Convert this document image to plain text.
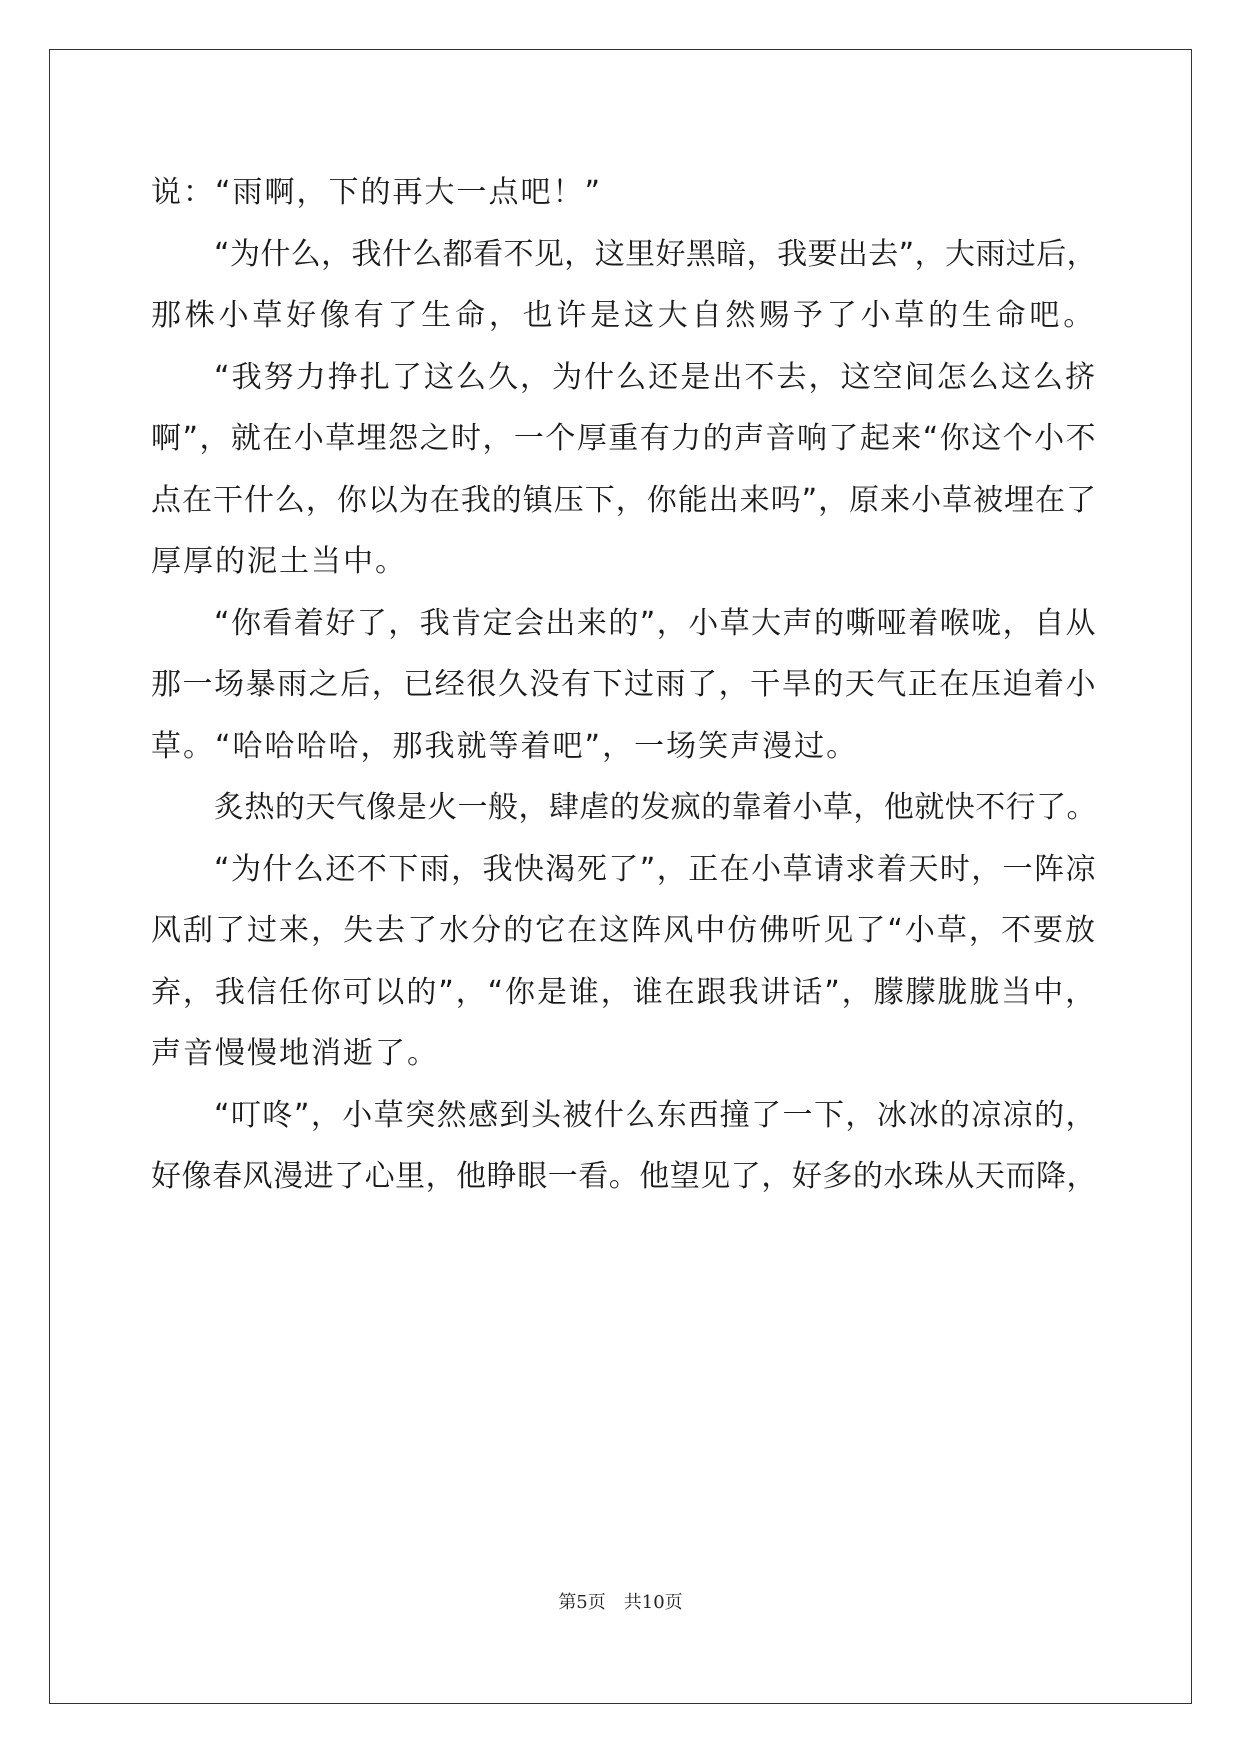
说：“雨啊，下的再大一点吧！”
“为什么，我什么都看不见，这里好黑暗，我要出去”，大雨过后，
那株小草好像有了生命，也许是这大自然赐予了小草的生命吧。
“我努力挣扎了这么久，为什么还是出不去，这空间怎么这么挤
啊”，就在小草埋怨之时，一个厚重有力的声音响了起来“你这个小不
点在干什么，你以为在我的镇压下，你能出来吗”，原来小草被埋在了
厚厚的泥土当中。
“你看着好了，我肯定会出来的”，小草大声的嘶哑着喉咙，自从
那一场暴雨之后，已经很久没有下过雨了，干旱的天气正在压迫着小
草。“哈哈哈哈，那我就等着吧”，一场笑声漫过。
炙热的天气像是火一般，肆虐的发疯的靠着小草，他就快不行了。
“为什么还不下雨，我快渴死了”，正在小草请求着天时，一阵凉
风刮了过来，失去了水分的它在这阵风中仿佛听见了“小草，不要放
弃，我信任你可以的”，“你是谁，谁在跟我讲话”，朦朦胧胧当中，
声音慢慢地消逝了。
“叮咚”，小草突然感到头被什么东西撞了一下，冰冰的凉凉的，
好像春风漫进了心里，他睁眼一看。他望见了，好多的水珠从天而降，
第5页 共10页
